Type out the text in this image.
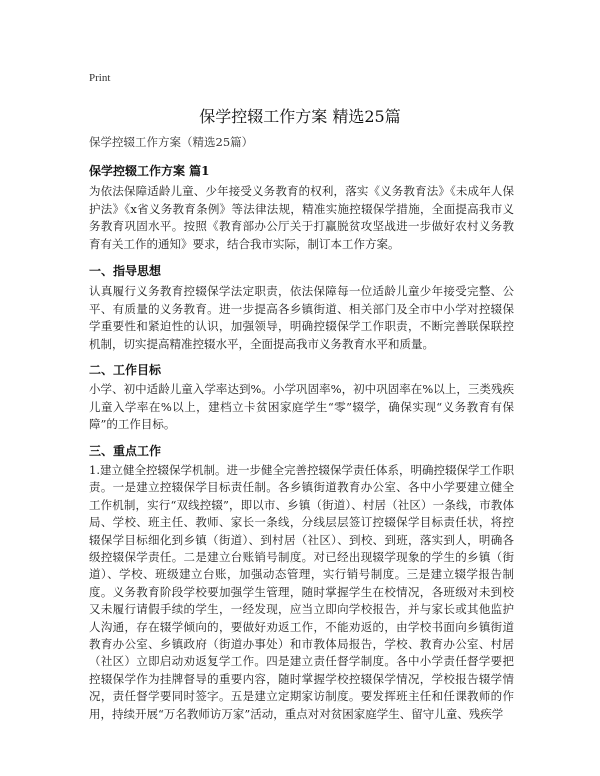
Print
保学控辍工作方案 精选25篇
保学控辍工作方案（精选25篇）
保学控辍工作方案 篇1

为依法保障适龄儿童、少年接受义务教育的权利，落实《义务教育法》《未成年人保护法》《x省义务教育条例》等法律法规，精准实施控辍保学措施，全面提高我市义务教育巩固水平。按照《教育部办公厅关于打赢脱贫攻坚战进一步做好农村义务教育有关工作的通知》要求，结合我市实际，制订本工作方案。

一、指导思想

认真履行义务教育控辍保学法定职责，依法保障每一位适龄儿童少年接受完整、公平、有质量的义务教育。进一步提高各乡镇街道、相关部门及全市中小学对控辍保学重要性和紧迫性的认识，加强领导，明确控辍保学工作职责，不断完善联保联控机制，切实提高精准控辍水平，全面提高我市义务教育水平和质量。

二、工作目标

小学、初中适龄儿童入学率达到%。小学巩固率%，初中巩固率在%以上，三类残疾儿童入学率在%以上，建档立卡贫困家庭学生“零”辍学，确保实现“义务教育有保障”的工作目标。

三、重点工作

1.建立健全控辍保学机制。进一步健全完善控辍保学责任体系，明确控辍保学工作职责。一是建立控辍保学目标责任制。各乡镇街道教育办公室、各中小学要建立健全工作机制，实行“双线控辍”，即以市、乡镇（街道）、村居（社区）一条线，市教体局、学校、班主任、教师、家长一条线，分线层层签订控辍保学目标责任状，将控辍保学目标细化到乡镇（街道）、到村居（社区）、到校、到班，落实到人，明确各级控辍保学责任。二是建立台账销号制度。对已经出现辍学现象的学生的乡镇（街道）、学校、班级建立台账，加强动态管理，实行销号制度。三是建立辍学报告制度。义务教育阶段学校要加强学生管理，随时掌握学生在校情况，各班级对未到校又未履行请假手续的学生，一经发现，应当立即向学校报告，并与家长或其他监护人沟通，存在辍学倾向的，要做好劝返工作，不能劝返的，由学校书面向乡镇街道教育办公室、乡镇政府（街道办事处）和市教体局报告，学校、教育办公室、村居（社区）立即启动劝返复学工作。四是建立责任督学制度。各中小学责任督学要把控辍保学作为挂牌督导的重要内容，随时掌握学校控辍保学情况，学校报告辍学情况，责任督学要同时签字。五是建立定期家访制度。要发挥班主任和任课教师的作用，持续开展“万名教师访万家”活动，重点对对贫困家庭学生、留守儿童、残疾学
